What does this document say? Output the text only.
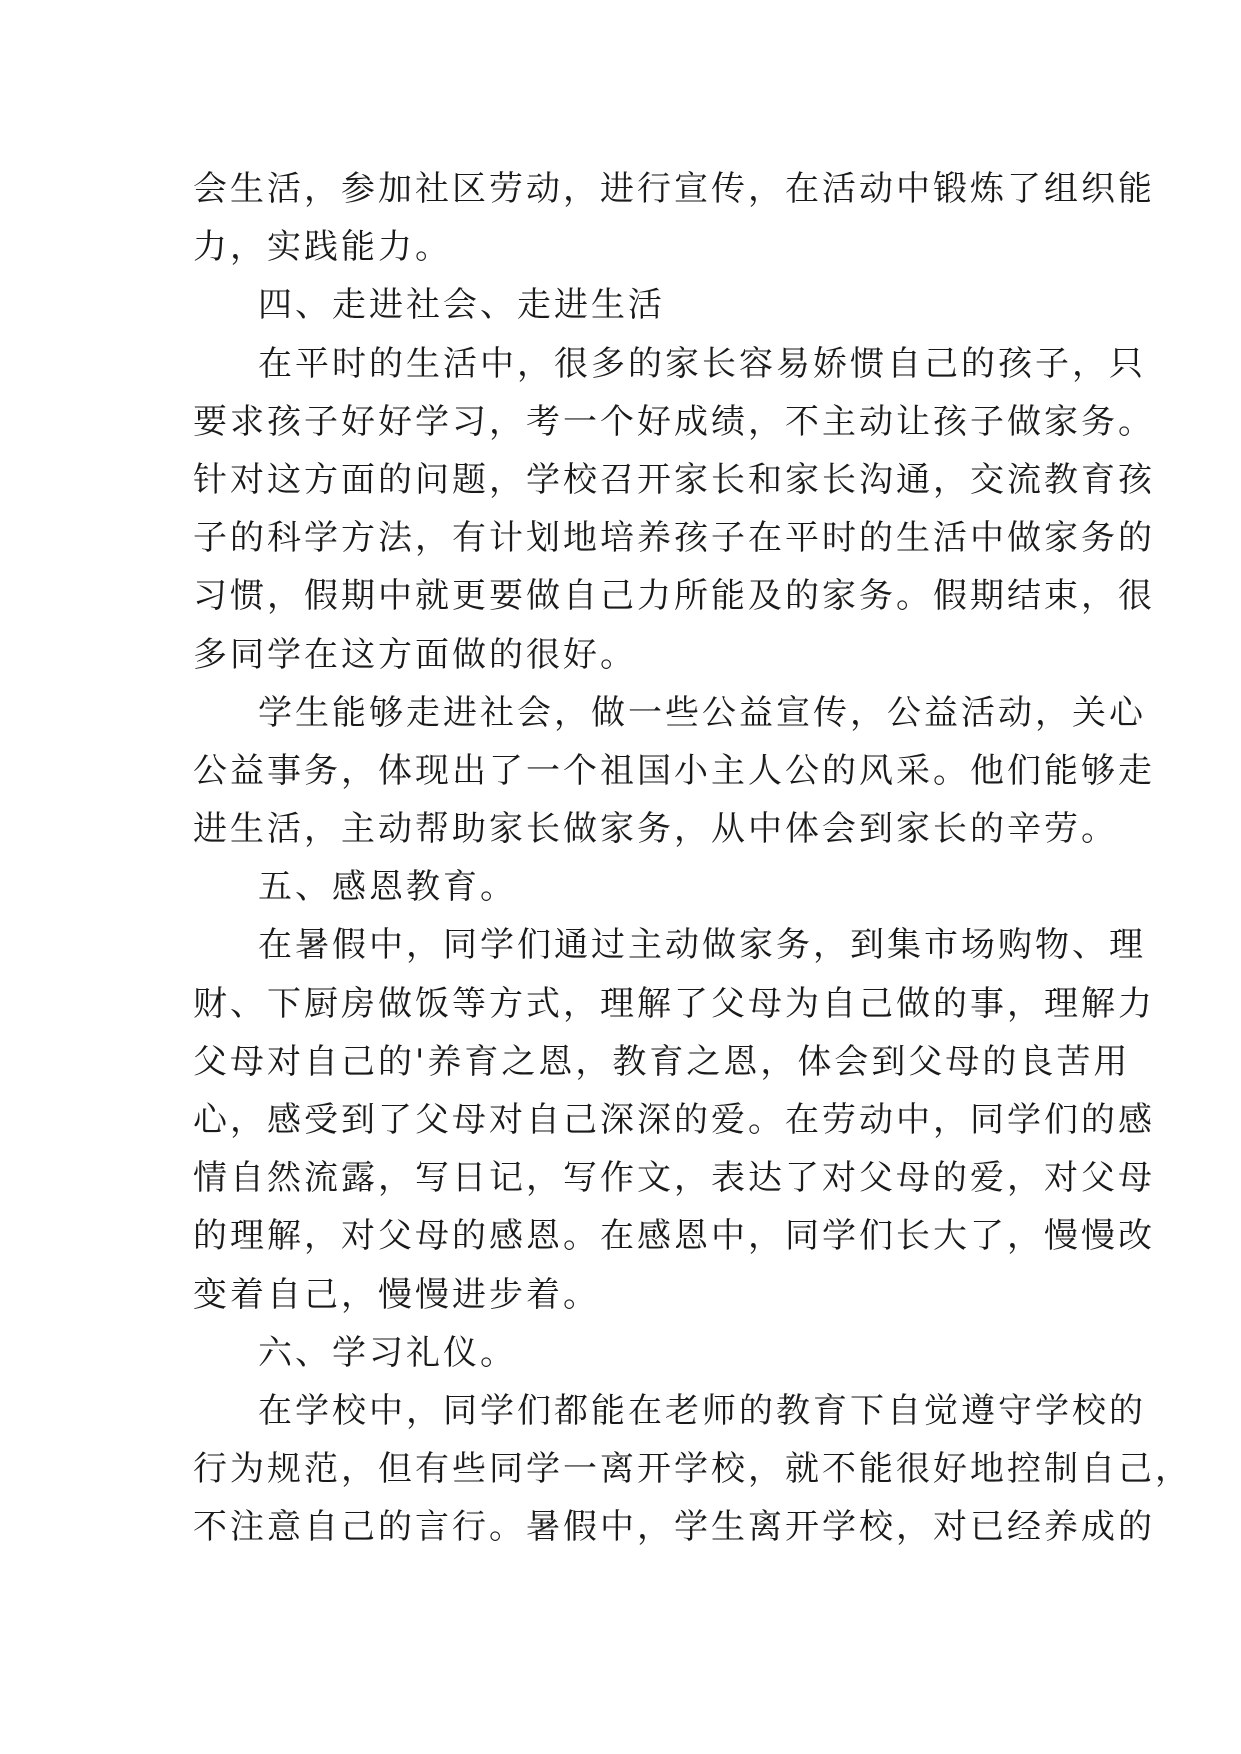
会生活，参加社区劳动，进行宣传，在活动中锻炼了组织能
力，实践能力。
四、走进社会、走进生活
在平时的生活中，很多的家长容易娇惯自己的孩子，只
要求孩子好好学习，考一个好成绩，不主动让孩子做家务。
针对这方面的问题，学校召开家长和家长沟通，交流教育孩
子的科学方法，有计划地培养孩子在平时的生活中做家务的
习惯，假期中就更要做自己力所能及的家务。假期结束，很
多同学在这方面做的很好。
学生能够走进社会，做一些公益宣传，公益活动，关心
公益事务，体现出了一个祖国小主人公的风采。他们能够走
进生活，主动帮助家长做家务，从中体会到家长的辛劳。
五、感恩教育。
在暑假中，同学们通过主动做家务，到集市场购物、理
财、下厨房做饭等方式，理解了父母为自己做的事，理解力
父母对自己的'养育之恩，教育之恩，体会到父母的良苦用
心，感受到了父母对自己深深的爱。在劳动中，同学们的感
情自然流露，写日记，写作文，表达了对父母的爱，对父母
的理解，对父母的感恩。在感恩中，同学们长大了，慢慢改
变着自己，慢慢进步着。
六、学习礼仪。
在学校中，同学们都能在老师的教育下自觉遵守学校的
行为规范，但有些同学一离开学校，就不能很好地控制自己，
不注意自己的言行。暑假中，学生离开学校，对已经养成的
